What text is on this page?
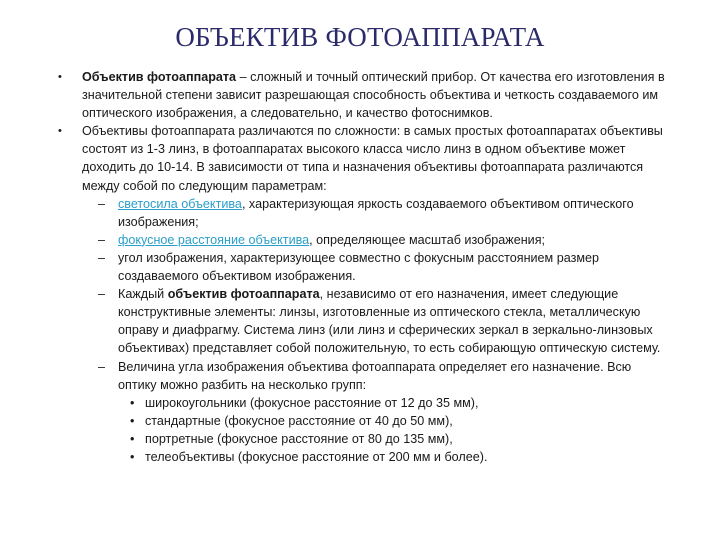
ОБЪЕКТИВ ФОТОАППАРАТА
• Объектив фотоаппарата – сложный и точный оптический прибор. От качества его изготовления в значительной степени зависит разрешающая способность объектива и четкость создаваемого им оптического изображения, а следовательно, и качество фотоснимков.
• Объективы фотоаппарата различаются по сложности: в самых простых фотоаппаратах объективы состоят из 1-3 линз, в фотоаппаратах высокого класса число линз в одном объективе может доходить до 10-14. В зависимости от типа и назначения объективы фотоаппарата различаются между собой по следующим параметрам:
– светосила объектива, характеризующая яркость создаваемого объективом оптического изображения;
– фокусное расстояние объектива, определяющее масштаб изображения;
– угол изображения, характеризующее совместно с фокусным расстоянием размер создаваемого объективом изображения.
– Каждый объектив фотоаппарата, независимо от его назначения, имеет следующие конструктивные элементы: линзы, изготовленные из оптического стекла, металлическую оправу и диафрагму. Система линз (или линз и сферических зеркал в зеркально-линзовых объективах) представляет собой положительную, то есть собирающую оптическую систему.
– Величина угла изображения объектива фотоаппарата определяет его назначение. Всю оптику можно разбить на несколько групп:
• широкоугольники (фокусное расстояние от 12 до 35 мм),
• стандартные (фокусное расстояние от 40 до 50 мм),
• портретные (фокусное расстояние от 80 до 135 мм),
• телеобъективы (фокусное расстояние от 200 мм и более).
